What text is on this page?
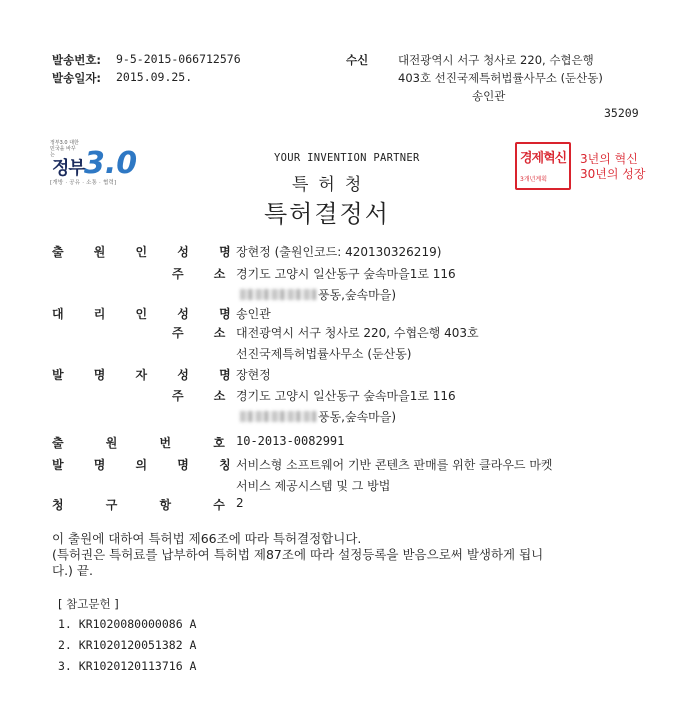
발송번호: 9-5-2015-066712576
발송일자: 2015.09.25.
수신	대전광역시 서구 청사로 220, 수협은행
403호 선진국제특허법률사무소 (둔산동)
송인관
35209
정부3.0 대한민국을 바꾸는
정부 3.0
[개방 · 공유 · 소통 · 협력]
YOUR INVENTION PARTNER
특허청
특허결정서
경제혁신
3개년계획
3년의 혁신
30년의 성장
출 원 인 성 명 장현정 (출원인코드: 420130326219)
주 소 경기도 고양시 일산동구 숲속마을1로 116
풍동,숲속마을)
대 리 인 성 명 송인관
주 소 대전광역시 서구 청사로 220, 수협은행 403호
선진국제특허법률사무소 (둔산동)
발 명 자 성 명 장현정
주 소 경기도 고양시 일산동구 숲속마을1로 116
풍동,숲속마을)
출 원 번 호 10-2013-0082991
발 명 의 명 칭 서비스형 소프트웨어 기반 콘텐츠 판매를 위한 클라우드 마켓
서비스 제공시스템 및 그 방법
청 구 항 수 2
이 출원에 대하여 특허법 제66조에 따라 특허결정합니다.
(특허권은 특허료를 납부하여 특허법 제87조에 따라 설정등록을 받음으로써 발생하게 됩니
다.) 끝.
[ 참고문헌 ]
1. KR1020080000086 A
2. KR1020120051382 A
3. KR1020120113716 A
